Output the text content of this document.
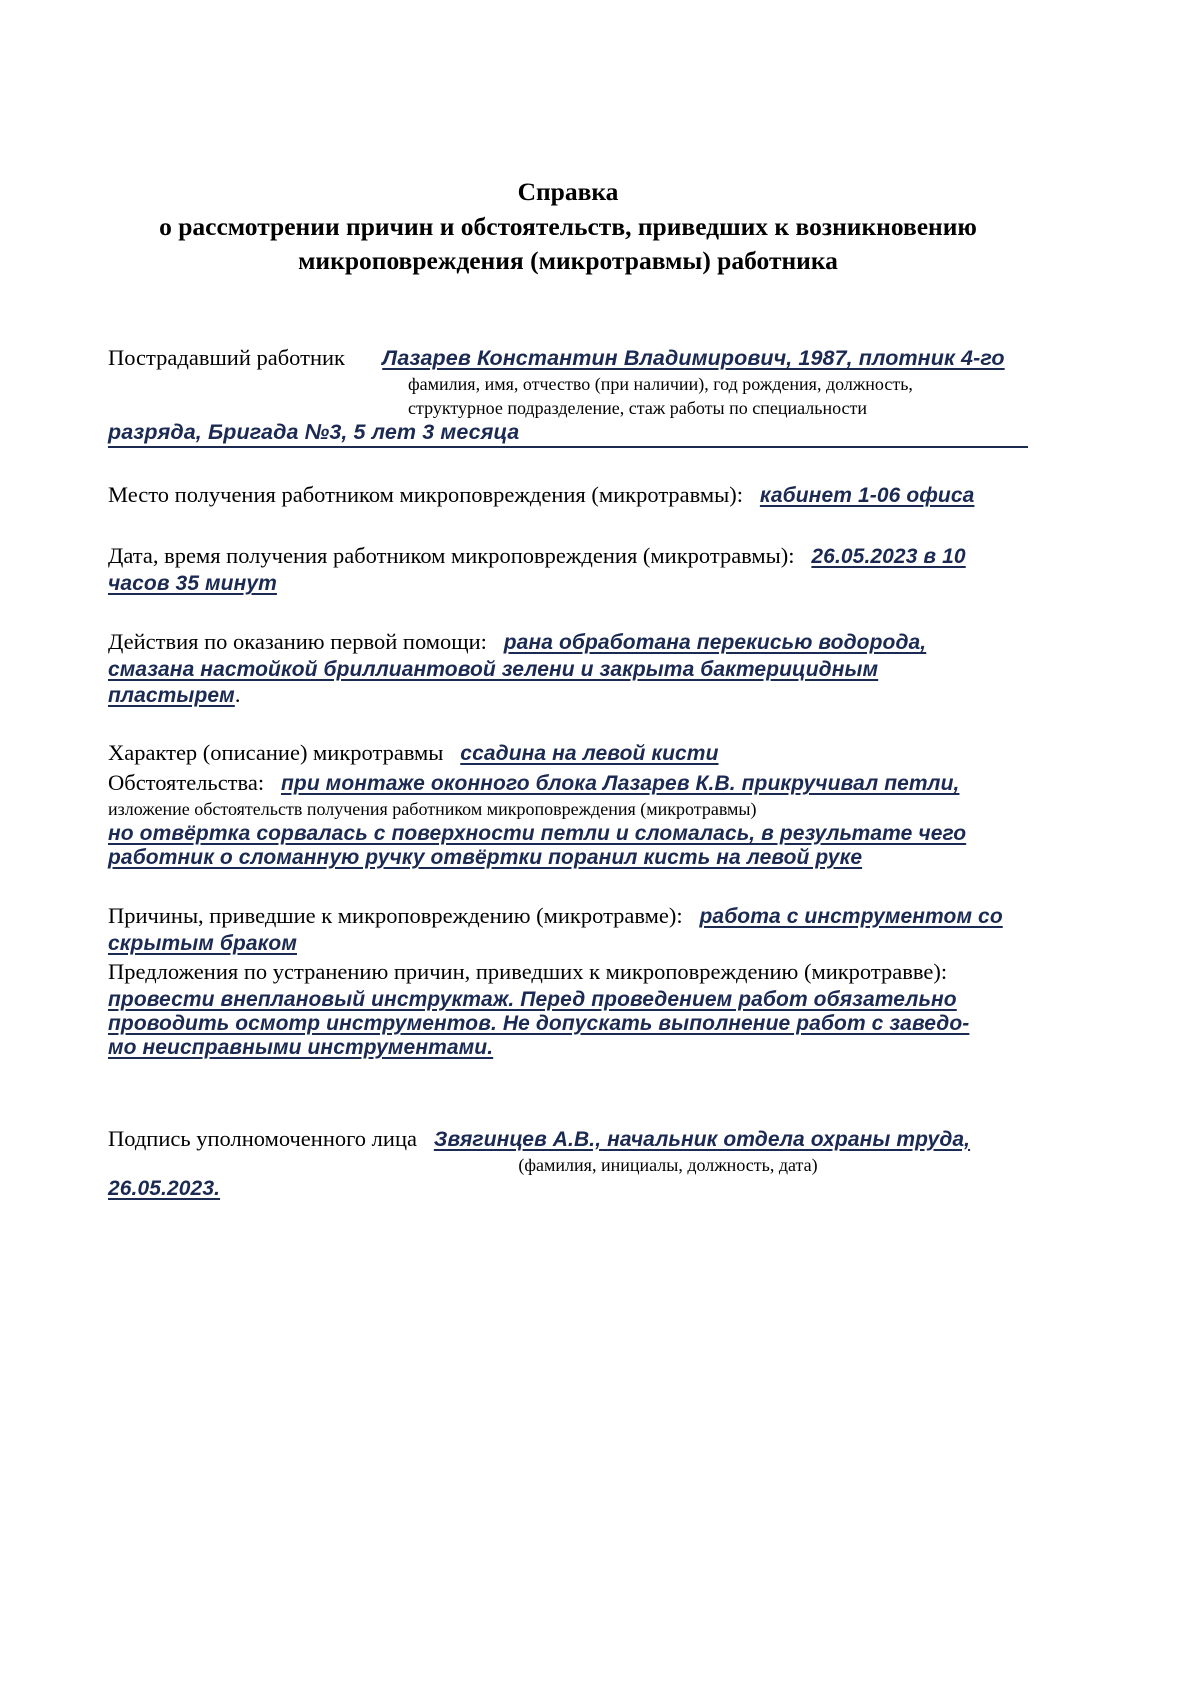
Справка
о рассмотрении причин и обстоятельств, приведших к возникновению
микроповреждения (микротравмы) работника
Пострадавший работник Лазарев Константин Владимирович, 1987, плотник 4-го
фамилия, имя, отчество (при наличии), год рождения, должность,
структурное подразделение, стаж работы по специальности
разряда, Бригада №3, 5 лет 3 месяца
Место получения работником микроповреждения (микротравмы): кабинет 1-06 офиса
Дата, время получения работником микроповреждения (микротравмы): 26.05.2023 в 10
часов 35 минут
Действия по оказанию первой помощи: рана обработана перекисью водорода,
смазана настойкой бриллиантовой зелени и закрыта бактерицидным
пластырем.
Характер (описание) микротравмы ссадина на левой кисти
Обстоятельства: при монтаже оконного блока Лазарев К.В. прикручивал петли,
изложение обстоятельств получения работником микроповреждения (микротравмы)
но отвёртка сорвалась с поверхности петли и сломалась, в результате чего
работник о сломанную ручку отвёртки поранил кисть на левой руке
Причины, приведшие к микроповреждению (микротравме): работа с инструментом со
скрытым браком
Предложения по устранению причин, приведших к микроповреждению (микротравве):
провести внеплановый инструктаж. Перед проведением работ обязательно
проводить осмотр инструментов. Не допускать выполнение работ с заведо-
мо неисправными инструментами.
Подпись уполномоченного лица Звягинцев А.В., начальник отдела охраны труда,
(фамилия, инициалы, должность, дата)
26.05.2023.
